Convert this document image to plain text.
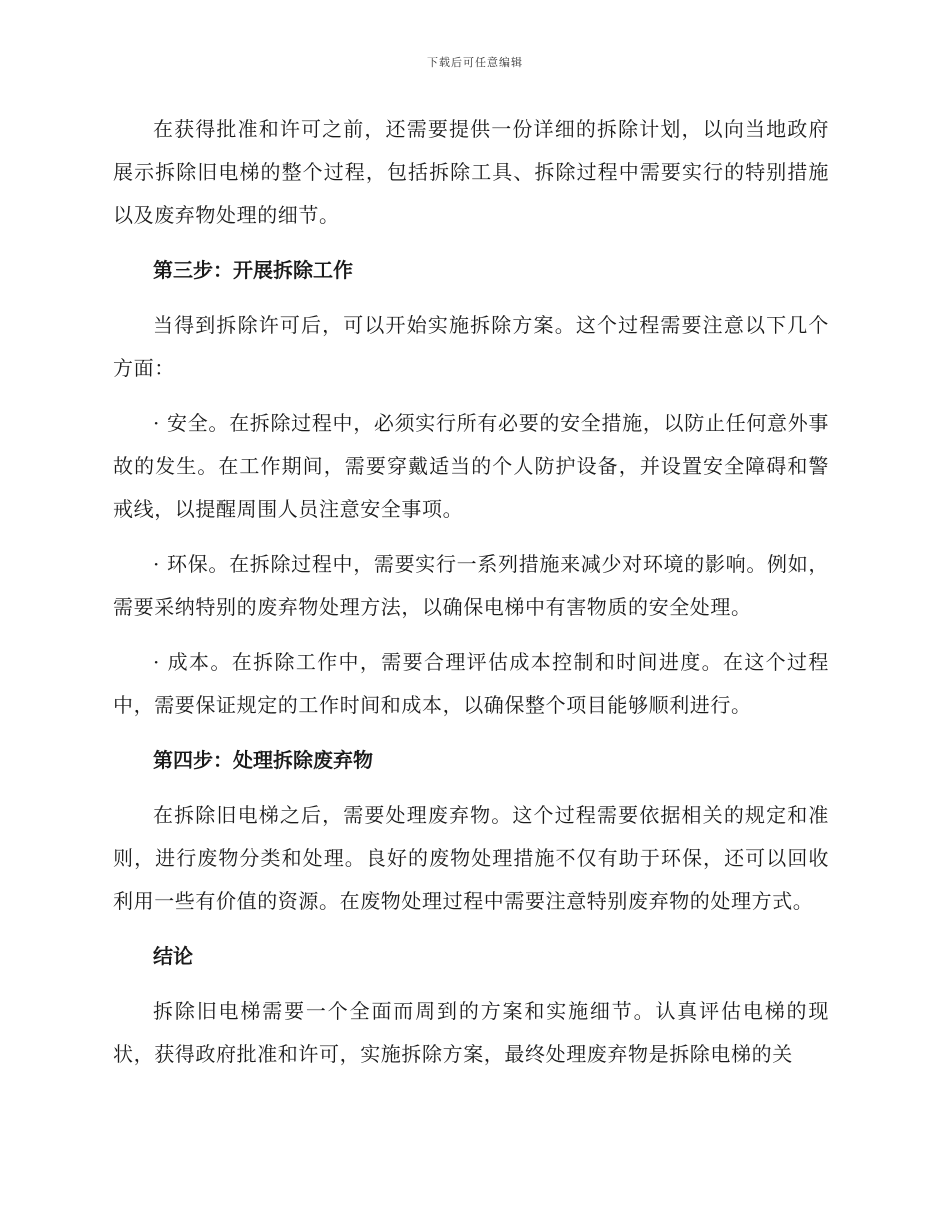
下载后可任意编辑

在获得批准和许可之前，还需要提供一份详细的拆除计划，以向当地政府展示拆除旧电梯的整个过程，包括拆除工具、拆除过程中需要实行的特别措施以及废弃物处理的细节。

第三步：开展拆除工作

当得到拆除许可后，可以开始实施拆除方案。这个过程需要注意以下几个方面：

· 安全。在拆除过程中，必须实行所有必要的安全措施，以防止任何意外事故的发生。在工作期间，需要穿戴适当的个人防护设备，并设置安全障碍和警戒线，以提醒周围人员注意安全事项。

· 环保。在拆除过程中，需要实行一系列措施来减少对环境的影响。例如，需要采纳特别的废弃物处理方法，以确保电梯中有害物质的安全处理。

· 成本。在拆除工作中，需要合理评估成本控制和时间进度。在这个过程中，需要保证规定的工作时间和成本，以确保整个项目能够顺利进行。

第四步：处理拆除废弃物

在拆除旧电梯之后，需要处理废弃物。这个过程需要依据相关的规定和准则，进行废物分类和处理。良好的废物处理措施不仅有助于环保，还可以回收利用一些有价值的资源。在废物处理过程中需要注意特别废弃物的处理方式。

结论

拆除旧电梯需要一个全面而周到的方案和实施细节。认真评估电梯的现状，获得政府批准和许可，实施拆除方案，最终处理废弃物是拆除电梯的关
